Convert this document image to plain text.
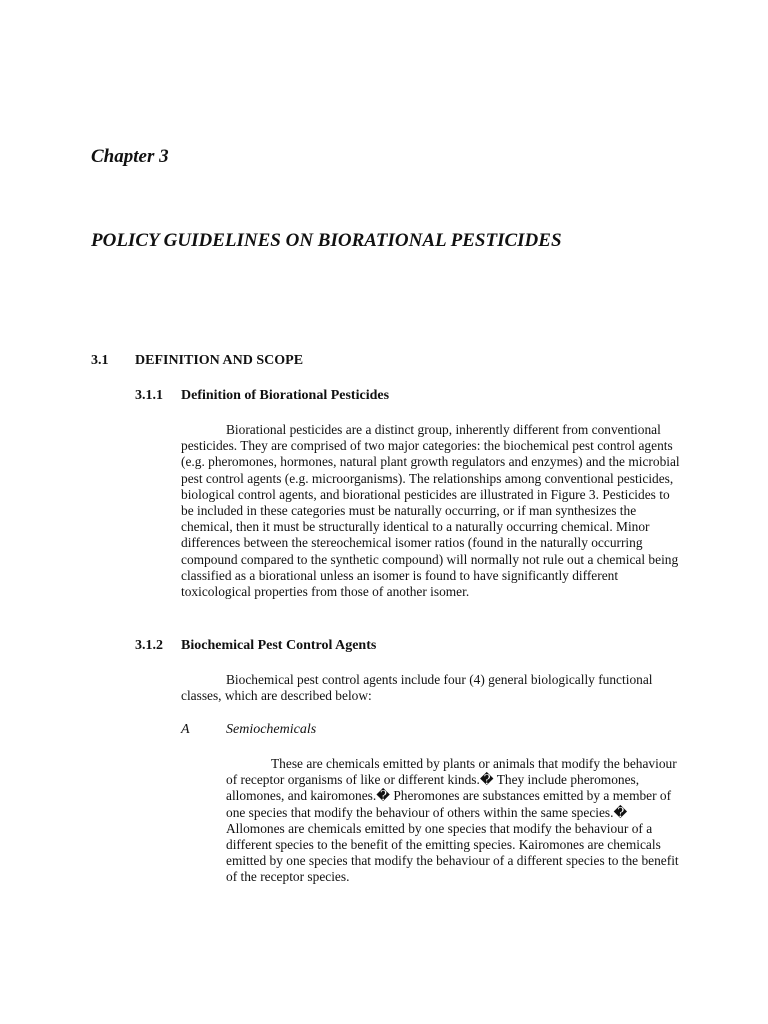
Chapter 3
POLICY GUIDELINES ON BIORATIONAL PESTICIDES
3.1 DEFINITION AND SCOPE
3.1.1 Definition of Biorational Pesticides

Biorational pesticides are a distinct group, inherently different from conventional pesticides. They are comprised of two major categories: the biochemical pest control agents (e.g. pheromones, hormones, natural plant growth regulators and enzymes) and the microbial pest control agents (e.g. microorganisms). The relationships among conventional pesticides, biological control agents, and biorational pesticides are illustrated in Figure 3. Pesticides to be included in these categories must be naturally occurring, or if man synthesizes the chemical, then it must be structurally identical to a naturally occurring chemical. Minor differences between the stereochemical isomer ratios (found in the naturally occurring compound compared to the synthetic compound) will normally not rule out a chemical being classified as a biorational unless an isomer is found to have significantly different toxicological properties from those of another isomer.

3.1.2 Biochemical Pest Control Agents

Biochemical pest control agents include four (4) general biologically functional classes, which are described below:

A	Semiochemicals

These are chemicals emitted by plants or animals that modify the behaviour of receptor organisms of like or different kinds.� They include pheromones, allomones, and kairomones.� Pheromones are substances emitted by a member of one species that modify the behaviour of others within the same species.� Allomones are chemicals emitted by one species that modify the behaviour of a different species to the benefit of the emitting species. Kairomones are chemicals emitted by one species that modify the behaviour of a different species to the benefit of the receptor species.
